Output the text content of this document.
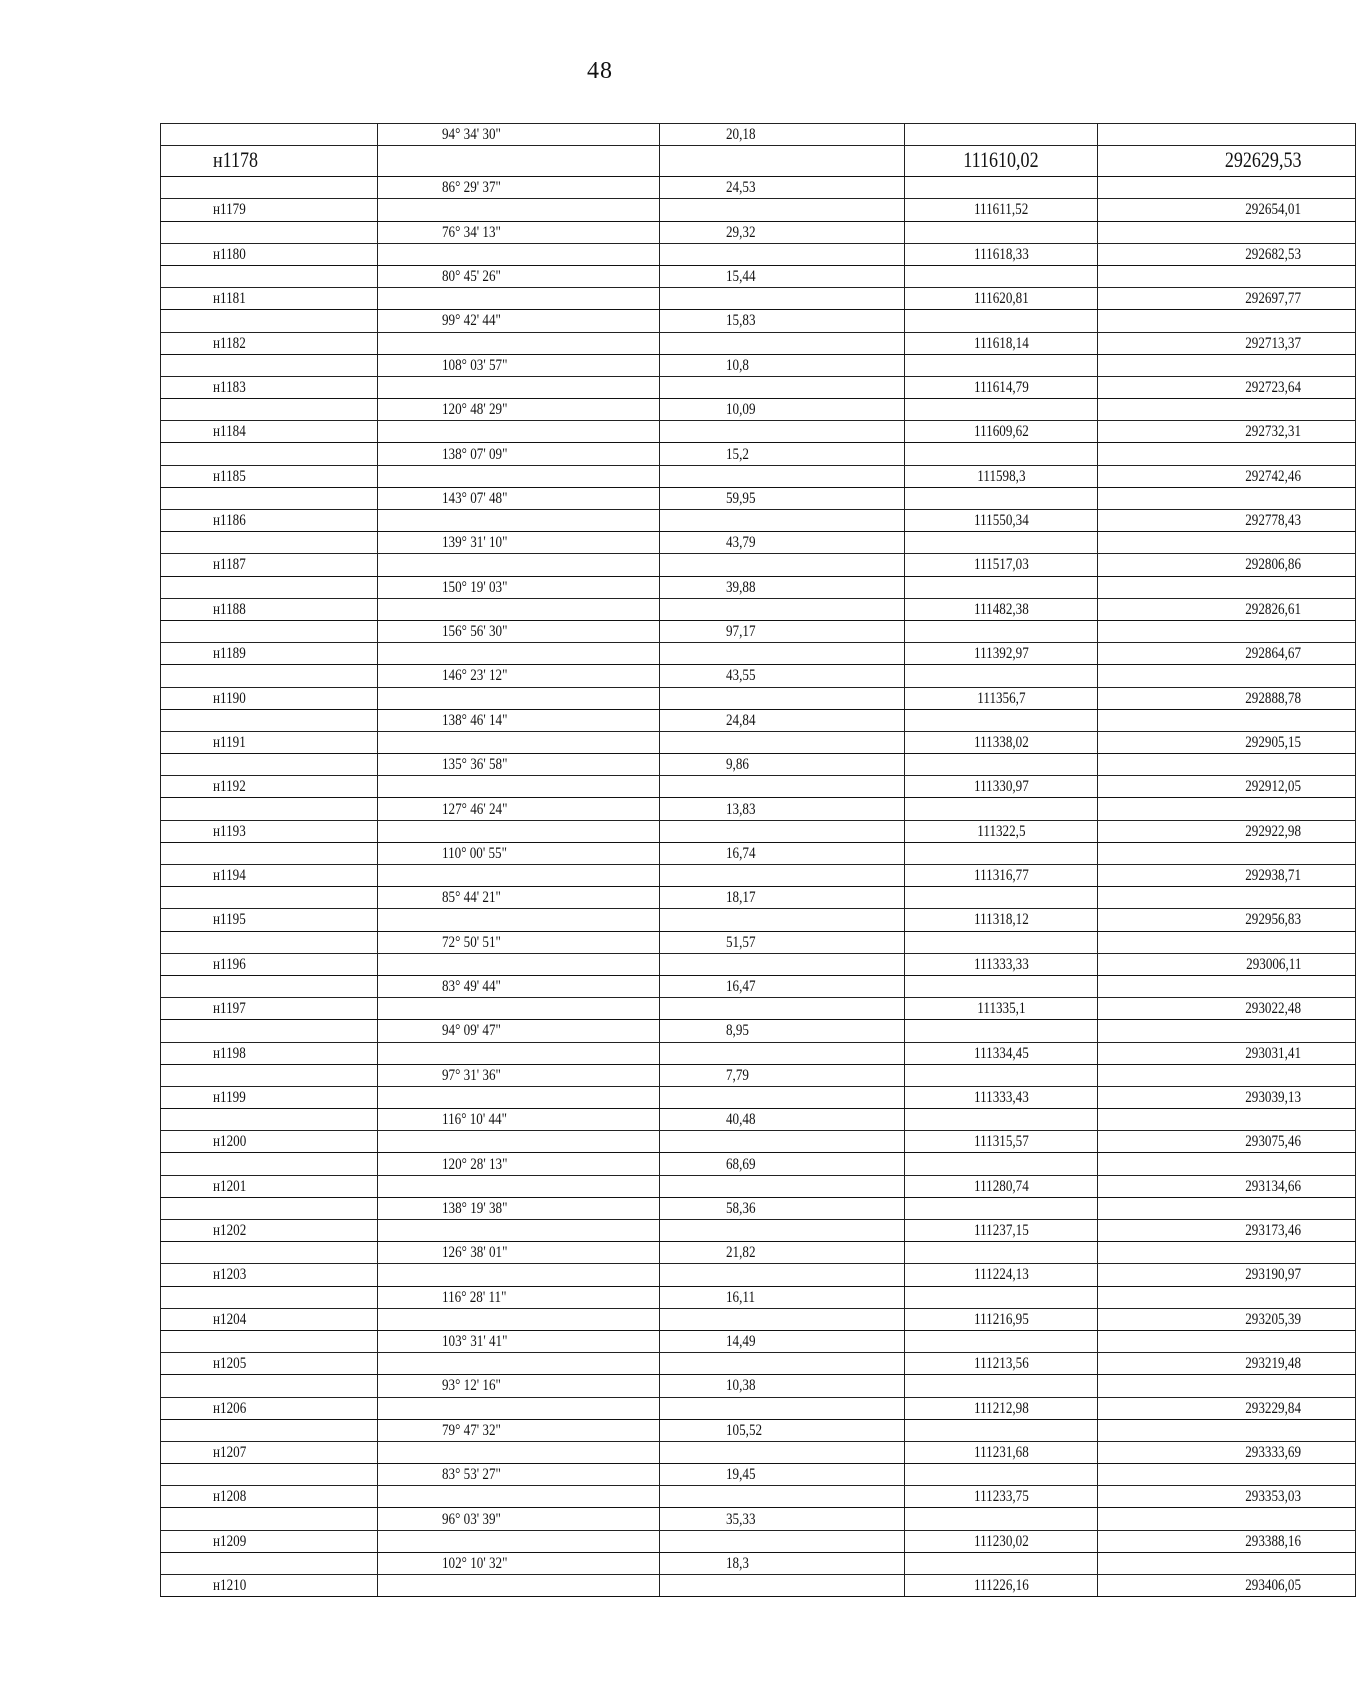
48
	94° 34' 30"	20,18		
н1178			111610,02	292629,53
	86° 29' 37"	24,53		
н1179			111611,52	292654,01
	76° 34' 13"	29,32		
н1180			111618,33	292682,53
	80° 45' 26"	15,44		
н1181			111620,81	292697,77
	99° 42' 44"	15,83		
н1182			111618,14	292713,37
	108° 03' 57"	10,8		
н1183			111614,79	292723,64
	120° 48' 29"	10,09		
н1184			111609,62	292732,31
	138° 07' 09"	15,2		
н1185			111598,3	292742,46
	143° 07' 48"	59,95		
н1186			111550,34	292778,43
	139° 31' 10"	43,79		
н1187			111517,03	292806,86
	150° 19' 03"	39,88		
н1188			111482,38	292826,61
	156° 56' 30"	97,17		
н1189			111392,97	292864,67
	146° 23' 12"	43,55		
н1190			111356,7	292888,78
	138° 46' 14"	24,84		
н1191			111338,02	292905,15
	135° 36' 58"	9,86		
н1192			111330,97	292912,05
	127° 46' 24"	13,83		
н1193			111322,5	292922,98
	110° 00' 55"	16,74		
н1194			111316,77	292938,71
	85° 44' 21"	18,17		
н1195			111318,12	292956,83
	72° 50' 51"	51,57		
н1196			111333,33	293006,11
	83° 49' 44"	16,47		
н1197			111335,1	293022,48
	94° 09' 47"	8,95		
н1198			111334,45	293031,41
	97° 31' 36"	7,79		
н1199			111333,43	293039,13
	116° 10' 44"	40,48		
н1200			111315,57	293075,46
	120° 28' 13"	68,69		
н1201			111280,74	293134,66
	138° 19' 38"	58,36		
н1202			111237,15	293173,46
	126° 38' 01"	21,82		
н1203			111224,13	293190,97
	116° 28' 11"	16,11		
н1204			111216,95	293205,39
	103° 31' 41"	14,49		
н1205			111213,56	293219,48
	93° 12' 16"	10,38		
н1206			111212,98	293229,84
	79° 47' 32"	105,52		
н1207			111231,68	293333,69
	83° 53' 27"	19,45		
н1208			111233,75	293353,03
	96° 03' 39"	35,33		
н1209			111230,02	293388,16
	102° 10' 32"	18,3		
н1210			111226,16	293406,05
